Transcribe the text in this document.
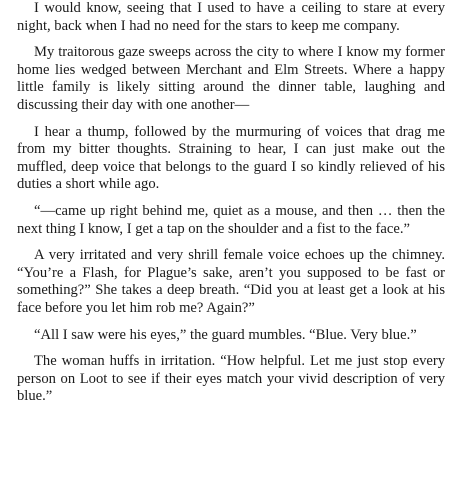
I would know, seeing that I used to have a ceiling to stare at every night, back when I had no need for the stars to keep me company.

My traitorous gaze sweeps across the city to where I know my former home lies wedged between Merchant and Elm Streets. Where a happy little family is likely sitting around the dinner table, laughing and discussing their day with one another—

I hear a thump, followed by the murmuring of voices that drag me from my bitter thoughts. Straining to hear, I can just make out the muffled, deep voice that belongs to the guard I so kindly relieved of his duties a short while ago.

“—came up right behind me, quiet as a mouse, and then … then the next thing I know, I get a tap on the shoulder and a fist to the face.”

A very irritated and very shrill female voice echoes up the chimney. “You’re a Flash, for Plague’s sake, aren’t you supposed to be fast or something?” She takes a deep breath. “Did you at least get a look at his face before you let him rob me? Again?”

“All I saw were his eyes,” the guard mumbles. “Blue. Very blue.”

The woman huffs in irritation. “How helpful. Let me just stop every person on Loot to see if their eyes match your vivid description of very blue.”
